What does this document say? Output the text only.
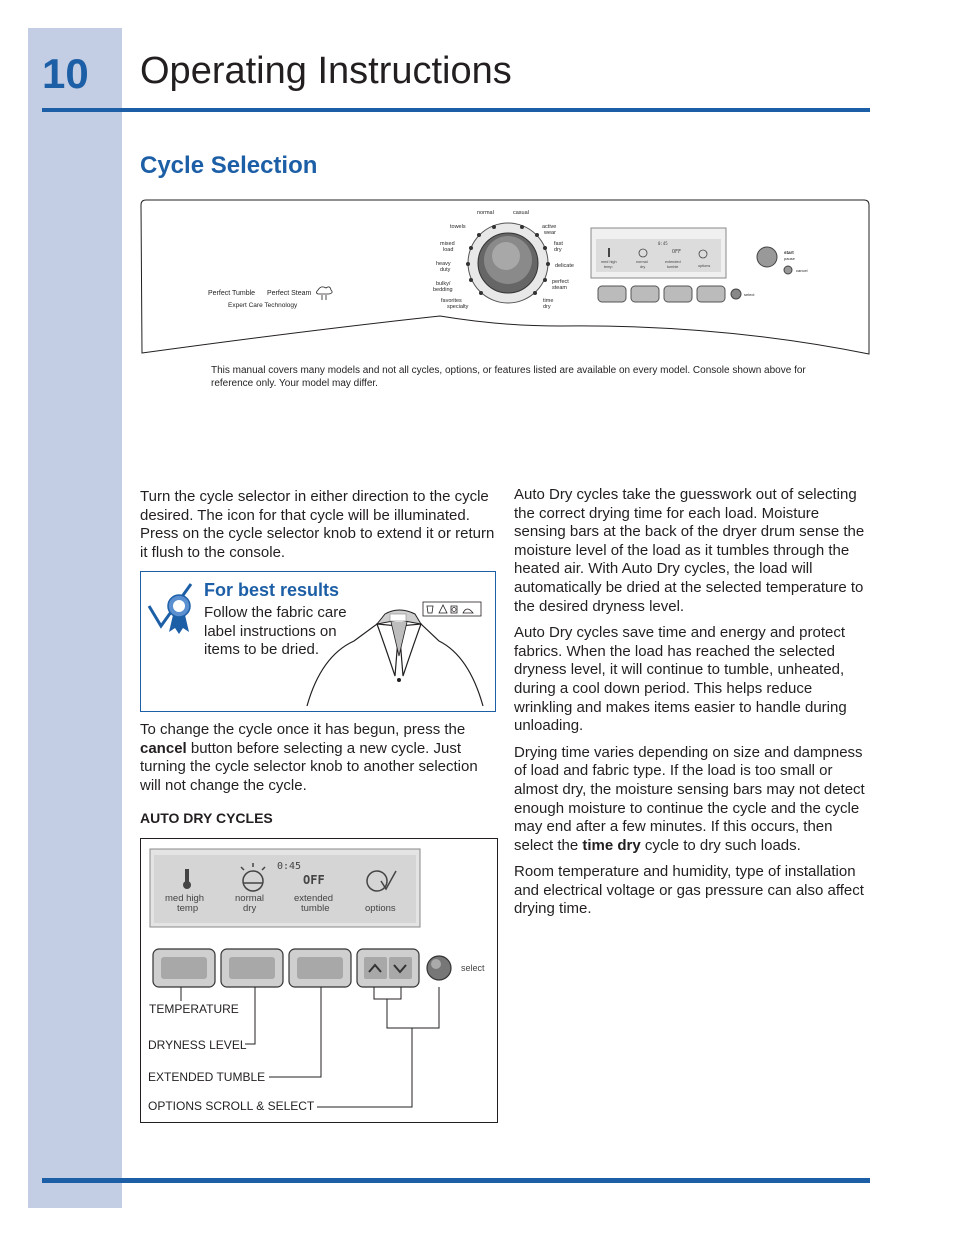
10 Operating Instructions
Cycle Selection
Perfect Tumble Perfect Steam
Expert Care Technology
normal	casual
towels	active
wear
mixed
load
fast
dry
heavy
duty
delicate
bulky/
bedding
perfect
steam
favorites
specialty
time
dry
0:45
OFF
med high
temp
normal
dry
extended
tumble	options
select
start
pause
cancel
This manual covers many models and not all cycles, options, or features listed are available on every model. Console shown above for reference only. Your model may differ.

Turn the cycle selector in either direction to the cycle desired. The icon for that cycle will be illuminated. Press on the cycle selector knob to extend it or return it flush to the console.

For best results
Follow the fabric care label instructions on items to be dried.
To change the cycle once it has begun, press the cancel button before selecting a new cycle. Just turning the cycle selector knob to another selection will not change the cycle.
AUTO DRY CYCLES
0:45
OFF
med high
temp
normal
dry
extended
tumble	options
select
TEMPERATURE
DRYNESS LEVEL
EXTENDED TUMBLE
OPTIONS SCROLL & SELECT

Auto Dry cycles take the guesswork out of selecting the correct drying time for each load. Moisture sensing bars at the back of the dryer drum sense the moisture level of the load as it tumbles through the heated air. With Auto Dry cycles, the load will automatically be dried at the selected temperature to the desired dryness level.

Auto Dry cycles save time and energy and protect fabrics. When the load has reached the selected dryness level, it will continue to tumble, unheated, during a cool down period. This helps reduce wrinkling and makes items easier to handle during unloading.

Drying time varies depending on size and dampness of load and fabric type. If the load is too small or almost dry, the moisture sensing bars may not detect enough moisture to continue the cycle and the cycle may end after a few minutes. If this occurs, then select the time dry cycle to dry such loads.

Room temperature and humidity, type of installation and electrical voltage or gas pressure can also affect drying time.
